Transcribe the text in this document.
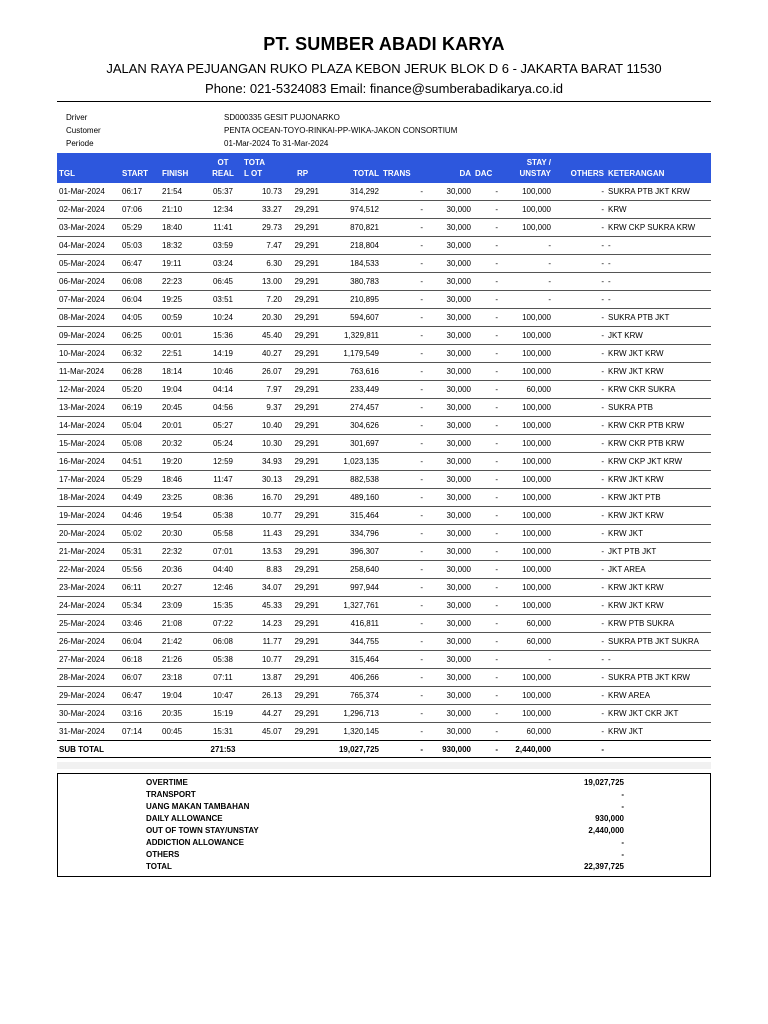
PT. SUMBER ABADI KARYA
JALAN RAYA PEJUANGAN RUKO PLAZA KEBON JERUK BLOK D 6 - JAKARTA BARAT 11530
Phone: 021-5324083 Email: finance@sumberabadikarya.co.id
Driver	SD000335 GESIT PUJONARKO
Customer	PENTA OCEAN-TOYO-RINKAI-PP-WIKA-JAKON CONSORTIUM
Periode	01-Mar-2024 To 31-Mar-2024

TGL	START	FINISH	OT
REAL	TOTA
L OT	RP	TOTAL	TRANS	DA	DAC	STAY /
UNSTAY	OTHERS	KETERANGAN
01-Mar-2024	06:17	21:54	05:37	10.73	29,291	314,292	-	30,000	-	100,000	-	SUKRA PTB JKT KRW
02-Mar-2024	07:06	21:10	12:34	33.27	29,291	974,512	-	30,000	-	100,000	-	KRW
03-Mar-2024	05:29	18:40	11:41	29.73	29,291	870,821	-	30,000	-	100,000	-	KRW CKP SUKRA KRW
04-Mar-2024	05:03	18:32	03:59	7.47	29,291	218,804	-	30,000	-	-	-	-
05-Mar-2024	06:47	19:11	03:24	6.30	29,291	184,533	-	30,000	-	-	-	-
06-Mar-2024	06:08	22:23	06:45	13.00	29,291	380,783	-	30,000	-	-	-	-
07-Mar-2024	06:04	19:25	03:51	7.20	29,291	210,895	-	30,000	-	-	-	-
08-Mar-2024	04:05	00:59	10:24	20.30	29,291	594,607	-	30,000	-	100,000	-	SUKRA PTB JKT
09-Mar-2024	06:25	00:01	15:36	45.40	29,291	1,329,811	-	30,000	-	100,000	-	JKT KRW
10-Mar-2024	06:32	22:51	14:19	40.27	29,291	1,179,549	-	30,000	-	100,000	-	KRW JKT KRW
11-Mar-2024	06:28	18:14	10:46	26.07	29,291	763,616	-	30,000	-	100,000	-	KRW JKT KRW
12-Mar-2024	05:20	19:04	04:14	7.97	29,291	233,449	-	30,000	-	60,000	-	KRW CKR SUKRA
13-Mar-2024	06:19	20:45	04:56	9.37	29,291	274,457	-	30,000	-	100,000	-	SUKRA PTB
14-Mar-2024	05:04	20:01	05:27	10.40	29,291	304,626	-	30,000	-	100,000	-	KRW CKR PTB KRW
15-Mar-2024	05:08	20:32	05:24	10.30	29,291	301,697	-	30,000	-	100,000	-	KRW CKR PTB KRW
16-Mar-2024	04:51	19:20	12:59	34.93	29,291	1,023,135	-	30,000	-	100,000	-	KRW CKP JKT KRW
17-Mar-2024	05:29	18:46	11:47	30.13	29,291	882,538	-	30,000	-	100,000	-	KRW JKT KRW
18-Mar-2024	04:49	23:25	08:36	16.70	29,291	489,160	-	30,000	-	100,000	-	KRW JKT PTB
19-Mar-2024	04:46	19:54	05:38	10.77	29,291	315,464	-	30,000	-	100,000	-	KRW JKT KRW
20-Mar-2024	05:02	20:30	05:58	11.43	29,291	334,796	-	30,000	-	100,000	-	KRW JKT
21-Mar-2024	05:31	22:32	07:01	13.53	29,291	396,307	-	30,000	-	100,000	-	JKT PTB JKT
22-Mar-2024	05:56	20:36	04:40	8.83	29,291	258,640	-	30,000	-	100,000	-	JKT AREA
23-Mar-2024	06:11	20:27	12:46	34.07	29,291	997,944	-	30,000	-	100,000	-	KRW JKT KRW
24-Mar-2024	05:34	23:09	15:35	45.33	29,291	1,327,761	-	30,000	-	100,000	-	KRW JKT KRW
25-Mar-2024	03:46	21:08	07:22	14.23	29,291	416,811	-	30,000	-	60,000	-	KRW PTB SUKRA
26-Mar-2024	06:04	21:42	06:08	11.77	29,291	344,755	-	30,000	-	60,000	-	SUKRA PTB JKT SUKRA
27-Mar-2024	06:18	21:26	05:38	10.77	29,291	315,464	-	30,000	-	-	-	-
28-Mar-2024	06:07	23:18	07:11	13.87	29,291	406,266	-	30,000	-	100,000	-	SUKRA PTB JKT KRW
29-Mar-2024	06:47	19:04	10:47	26.13	29,291	765,374	-	30,000	-	100,000	-	KRW AREA
30-Mar-2024	03:16	20:35	15:19	44.27	29,291	1,296,713	-	30,000	-	100,000	-	KRW JKT CKR JKT
31-Mar-2024	07:14	00:45	15:31	45.07	29,291	1,320,145	-	30,000	-	60,000	-	KRW JKT
SUB TOTAL			271:53			19,027,725	-	930,000	-	2,440,000	-	
OVERTIME	19,027,725
TRANSPORT	-
UANG MAKAN TAMBAHAN	-
DAILY ALLOWANCE	930,000
OUT OF TOWN STAY/UNSTAY	2,440,000
ADDICTION ALLOWANCE	-
OTHERS	-
TOTAL	22,397,725
